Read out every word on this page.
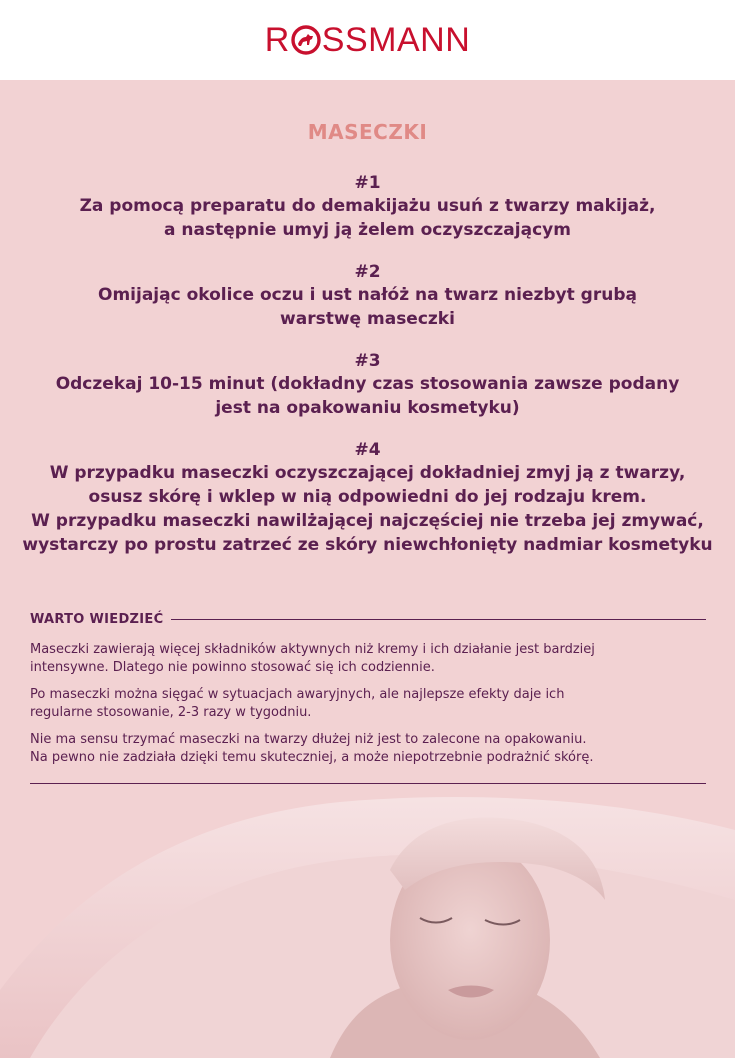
R SSMANN
MASECZKI
#1
Za pomocą preparatu do demakijażu usuń z twarzy makijaż,
a następnie umyj ją żelem oczyszczającym
#2
Omijając okolice oczu i ust nałóż na twarz niezbyt grubą
warstwę maseczki
#3
Odczekaj 10-15 minut (dokładny czas stosowania zawsze podany
jest na opakowaniu kosmetyku)
#4
W przypadku maseczki oczyszczającej dokładniej zmyj ją z twarzy,
osusz skórę i wklep w nią odpowiedni do jej rodzaju krem.
W przypadku maseczki nawilżającej najczęściej nie trzeba jej zmywać,
wystarczy po prostu zatrzeć ze skóry niewchłonięty nadmiar kosmetyku
WARTO WIEDZIEĆ

Maseczki zawierają więcej składników aktywnych niż kremy i ich działanie jest bardziej
intensywne. Dlatego nie powinno stosować się ich codziennie.

Po maseczki można sięgać w sytuacjach awaryjnych, ale najlepsze efekty daje ich
regularne stosowanie, 2-3 razy w tygodniu.

Nie ma sensu trzymać maseczki na twarzy dłużej niż jest to zalecone na opakowaniu.
Na pewno nie zadziała dzięki temu skuteczniej, a może niepotrzebnie podrażnić skórę.
